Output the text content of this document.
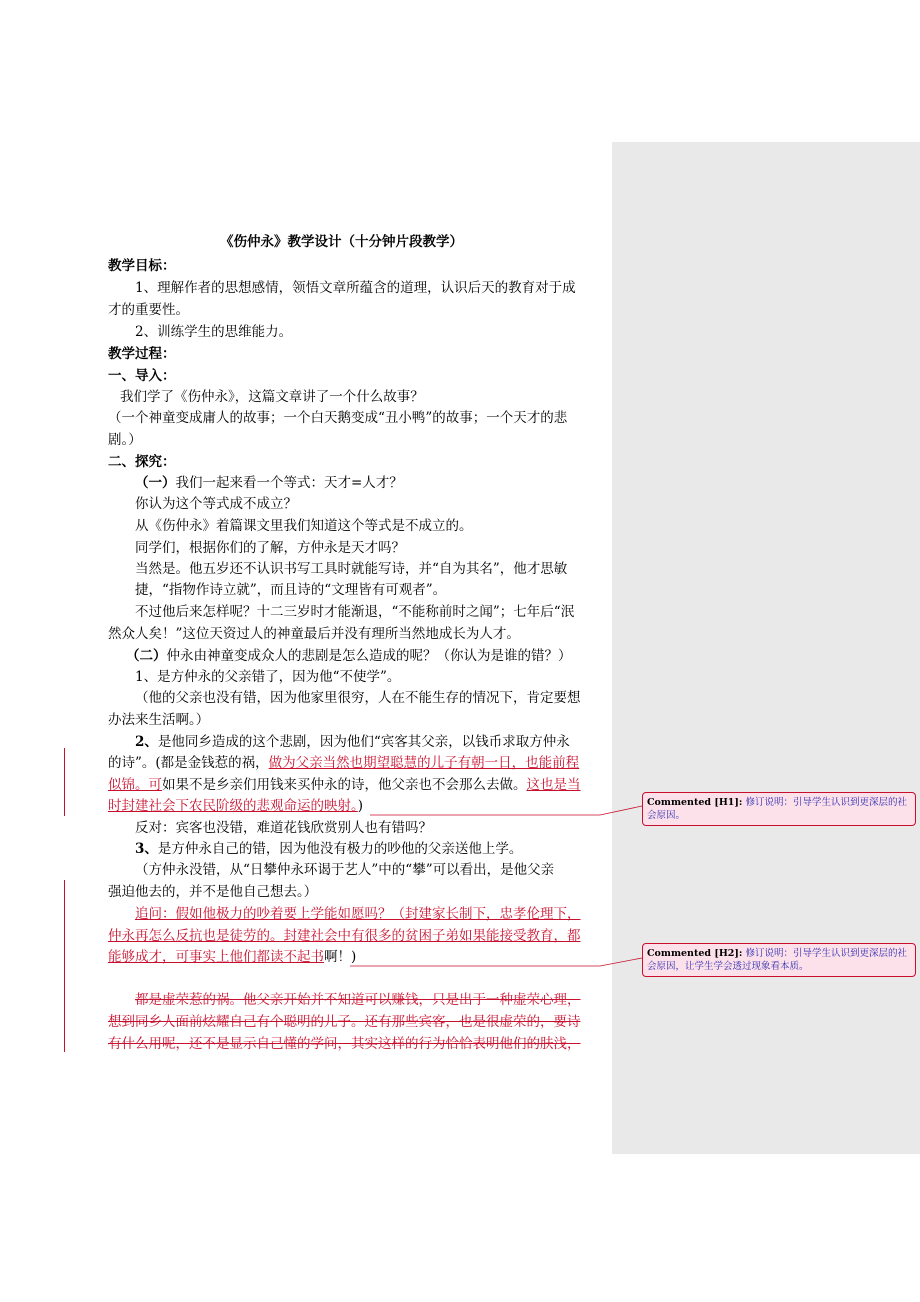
《伤仲永》教学设计（十分钟片段教学）
教学目标：
1、理解作者的思想感情，领悟文章所蕴含的道理，认识后天的教育对于成
才的重要性。
2、训练学生的思维能力。
教学过程：
一、导入：
我们学了《伤仲永》，这篇文章讲了一个什么故事？
（一个神童变成庸人的故事；一个白天鹅变成“丑小鸭”的故事；一个天才的悲
剧。）
二、探究：
（一）我们一起来看一个等式：天才=人才？
你认为这个等式成不成立？
从《伤仲永》着篇课文里我们知道这个等式是不成立的。
同学们，根据你们的了解，方仲永是天才吗？
当然是。他五岁还不认识书写工具时就能写诗，并“自为其名”，他才思敏
捷，“指物作诗立就”，而且诗的“文理皆有可观者”。
不过他后来怎样呢？十二三岁时才能渐退，“不能称前时之闻”；七年后“泯
然众人矣！”这位天资过人的神童最后并没有理所当然地成长为人才。
（二）仲永由神童变成众人的悲剧是怎么造成的呢？（你认为是谁的错？）
1、是方仲永的父亲错了，因为他“不使学”。
（他的父亲也没有错，因为他家里很穷，人在不能生存的情况下，肯定要想
办法来生活啊。）
2、是他同乡造成的这个悲剧，因为他们“宾客其父亲，以钱币求取方仲永
的诗”。(都是金钱惹的祸，做为父亲当然也期望聪慧的儿子有朝一日，也能前程
似锦。可如果不是乡亲们用钱来买仲永的诗，他父亲也不会那么去做。这也是当
时封建社会下农民阶级的悲观命运的映射。)
反对：宾客也没错，难道花钱欣赏别人也有错吗？
3、是方仲永自己的错，因为他没有极力的吵他的父亲送他上学。
（方仲永没错，从“日攀仲永环谒于艺人”中的“攀”可以看出，是他父亲
强迫他去的，并不是他自己想去。）
追问：假如他极力的吵着要上学能如愿吗？（封建家长制下，忠孝伦理下，
仲永再怎么反抗也是徒劳的。封建社会中有很多的贫困子弟如果能接受教育，都
能够成才，可事实上他们都读不起书啊！)
都是虚荣惹的祸。他父亲开始并不知道可以赚钱，只是出于一种虚荣心理，
想到同乡人面前炫耀自己有个聪明的儿子。还有那些宾客，也是很虚荣的，要诗
有什么用呢，还不是显示自己懂的学问，其实这样的行为恰恰表明他们的肤浅，
Commented [H1]: 修订说明：引导学生认识到更深层的社会原因。
Commented [H2]: 修订说明：引导学生认识到更深层的社会原因，让学生学会透过现象看本质。
